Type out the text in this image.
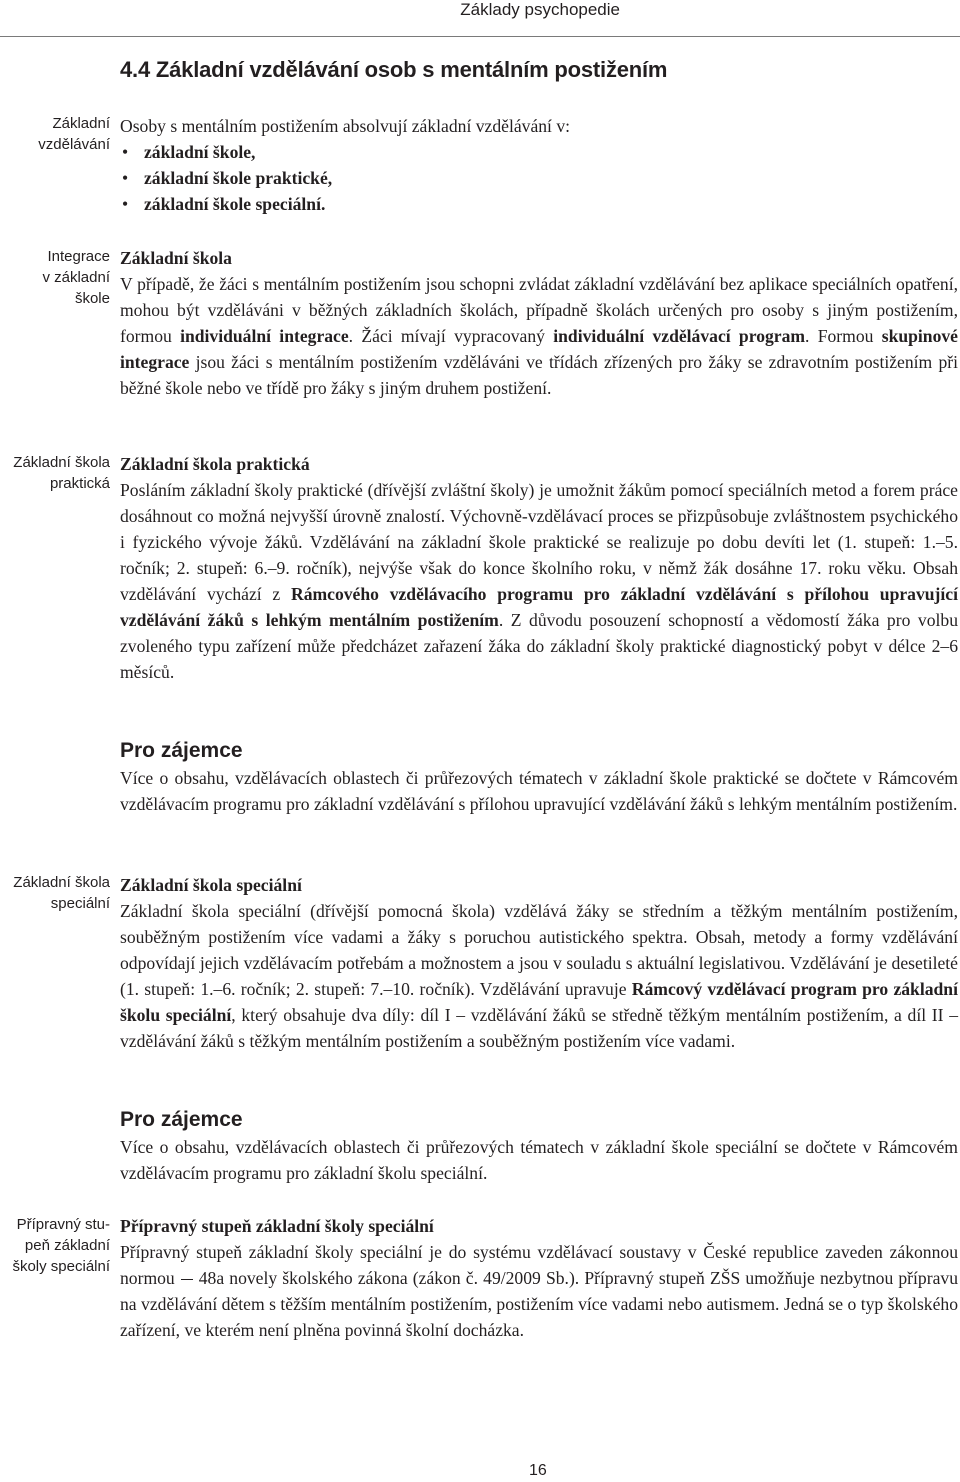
Základy psychopedie
4.4 Základní vzdělávání osob s mentálním postižením
Základní
vzdělávání
Integrace
v základní
škole
Základní škola
praktická
Základní škola
speciální
Přípravný stu-
peň základní
školy speciální

Osoby s mentálním postižením absolvují základní vzdělávání v:

• základní škole,
• základní škole praktické,
• základní škole speciální.

Základní škola

V případě, že žáci s mentálním postižením jsou schopni zvládat základní vzdělávání bez aplikace speciálních opatření, mohou být vzděláváni v běžných základních školách, případně školách určených pro osoby s jiným postižením, formou individuální integrace. Žáci mívají vypracovaný individuální vzdělávací program. Formou skupinové integrace jsou žáci s mentálním postižením vzděláváni ve třídách zřízených pro žáky se zdravotním postižením při běžné škole nebo ve třídě pro žáky s jiným druhem postižení.

Základní škola praktická

Posláním základní školy praktické (dřívější zvláštní školy) je umožnit žákům pomocí speciálních metod a forem práce dosáhnout co možná nejvyšší úrovně znalostí. Výchovně-vzdělávací proces se přizpůsobuje zvláštnostem psychického i fyzického vývoje žáků. Vzdělávání na základní škole praktické se realizuje po dobu devíti let (1. stupeň: 1.–5. ročník; 2. stupeň: 6.–9. ročník), nejvýše však do konce školního roku, v němž žák dosáhne 17. roku věku. Obsah vzdělávání vychází z Rámcového vzdělávacího programu pro základní vzdělávání s přílohou upravující vzdělávání žáků s lehkým mentálním postižením. Z důvodu posouzení schopností a vědomostí žáka pro volbu zvoleného typu zařízení může předcházet zařazení žáka do základní školy praktické diagnostický pobyt v délce 2–6 měsíců.

Pro zájemce

Více o obsahu, vzdělávacích oblastech či průřezových tématech v základní škole praktické se dočtete v Rámcovém vzdělávacím programu pro základní vzdělávání s přílohou upravující vzdělávání žáků s lehkým mentálním postižením.

Základní škola speciální

Základní škola speciální (dřívější pomocná škola) vzdělává žáky se středním a těžkým mentálním postižením, souběžným postižením více vadami a žáky s poruchou autistického spektra. Obsah, metody a formy vzdělávání odpovídají jejich vzdělávacím potřebám a možnostem a jsou v souladu s aktuální legislativou. Vzdělávání je desetileté (1. stupeň: 1.–6. ročník; 2. stupeň: 7.–10. ročník). Vzdělávání upravuje Rámcový vzdělávací program pro základní školu speciální, který obsahuje dva díly: díl I – vzdělávání žáků se středně těžkým mentálním postižením, a díl II – vzdělávání žáků s těžkým mentálním postižením a souběžným postižením více vadami.

Pro zájemce

Více o obsahu, vzdělávacích oblastech či průřezových tématech v základní škole speciální se dočtete v Rámcovém vzdělávacím programu pro základní školu speciální.

Přípravný stupeň základní školy speciální

Přípravný stupeň základní školy speciální je do systému vzdělávací soustavy v České republice zaveden zákonnou normou 48a novely školského zákona (zákon č. 49/2009 Sb.). Přípravný stupeň ZŠS umožňuje nezbytnou přípravu na vzdělávání dětem s těžším mentálním postižením, postižením více vadami nebo autismem. Jedná se o typ školského zařízení, ve kterém není plněna povinná školní docházka.

16
